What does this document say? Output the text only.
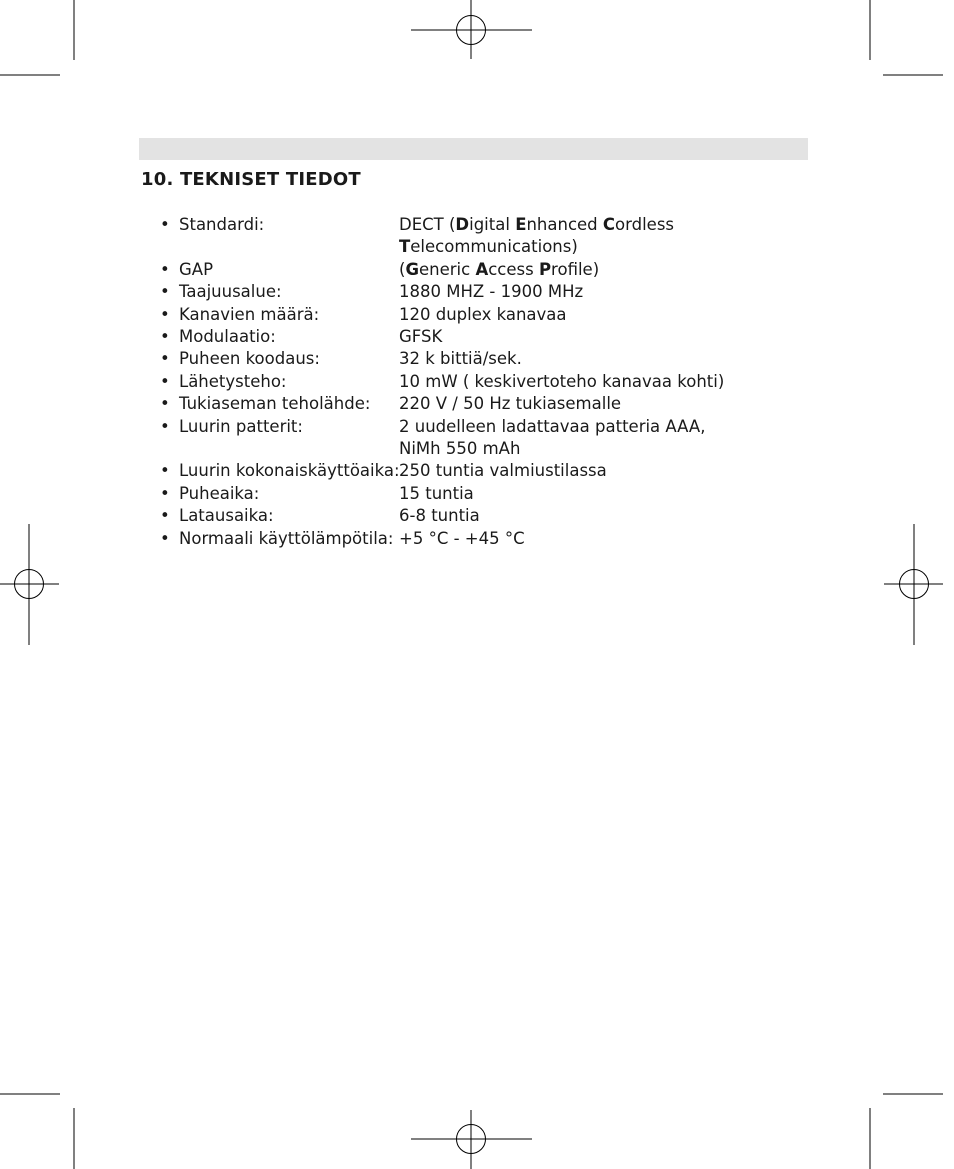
10. TEKNISET TIEDOT
• Standardi:	DECT (Digital Enhanced Cordless
Telecommunications)
• GAP	(Generic Access Profile)
• Taajuusalue:	1880 MHZ - 1900 MHz
• Kanavien määrä:	120 duplex kanavaa
• Modulaatio:	GFSK
• Puheen koodaus:	32 k bittiä/sek.
• Lähetysteho:	10 mW ( keskivertoteho kanavaa kohti)
• Tukiaseman teholähde:	220 V / 50 Hz tukiasemalle
• Luurin patterit:	2 uudelleen ladattavaa patteria AAA,
NiMh 550 mAh
• Luurin kokonaiskäyttöaika: 250 tuntia valmiustilassa
• Puheaika:	15 tuntia
• Latausaika:	6-8 tuntia
• Normaali käyttölämpötila: +5 °C - +45 °C
